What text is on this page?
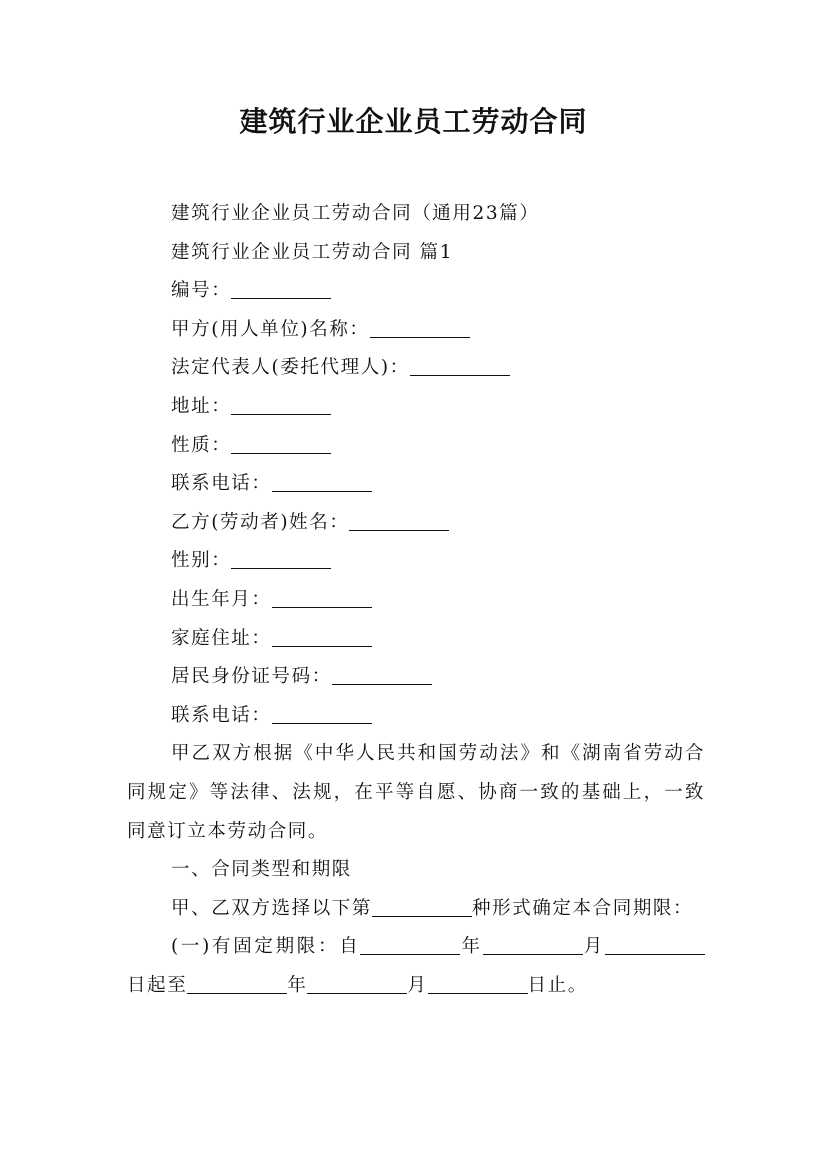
建筑行业企业员工劳动合同
建筑行业企业员工劳动合同（通用23篇）
建筑行业企业员工劳动合同 篇1
编号：
甲方(用人单位)名称：
法定代表人(委托代理人)：
地址：
性质：
联系电话：
乙方(劳动者)姓名：
性别：
出生年月：
家庭住址：
居民身份证号码：
联系电话：
甲乙双方根据《中华人民共和国劳动法》和《湖南省劳动合同规定》等法律、法规，在平等自愿、协商一致的基础上，一致同意订立本劳动合同。
一、合同类型和期限
甲、乙双方选择以下第	种形式确定本合同期限：
(一)有固定期限：自	年	月日起至	年	月	日止。
